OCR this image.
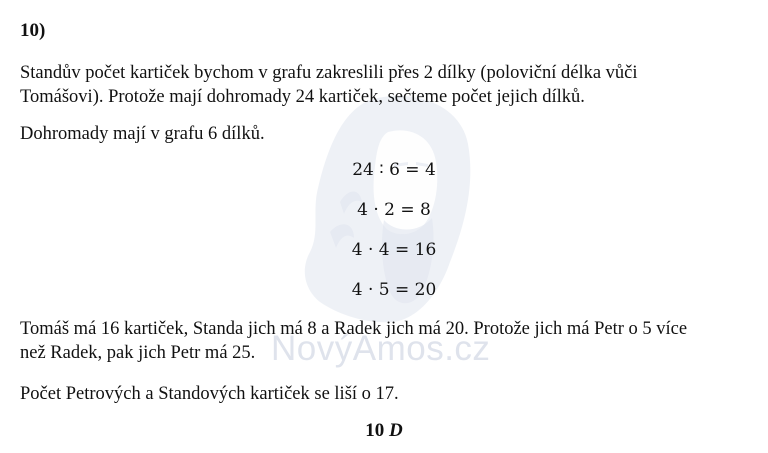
NovýAmos.cz
10)
Standův počet kartiček bychom v grafu zakreslili přes 2 dílky (poloviční délka vůči
Tomášovi). Protože mají dohromady 24 kartiček, sečteme počet jejich dílků.
Dohromady mají v grafu 6 dílků.
24 ∶ 6 = 4
4 · 2 = 8
4 · 4 = 16
4 · 5 = 20
Tomáš má 16 kartiček, Standa jich má 8 a Radek jich má 20. Protože jich má Petr o 5 více
než Radek, pak jich Petr má 25.
Počet Petrových a Standových kartiček se liší o 17.
10 D
